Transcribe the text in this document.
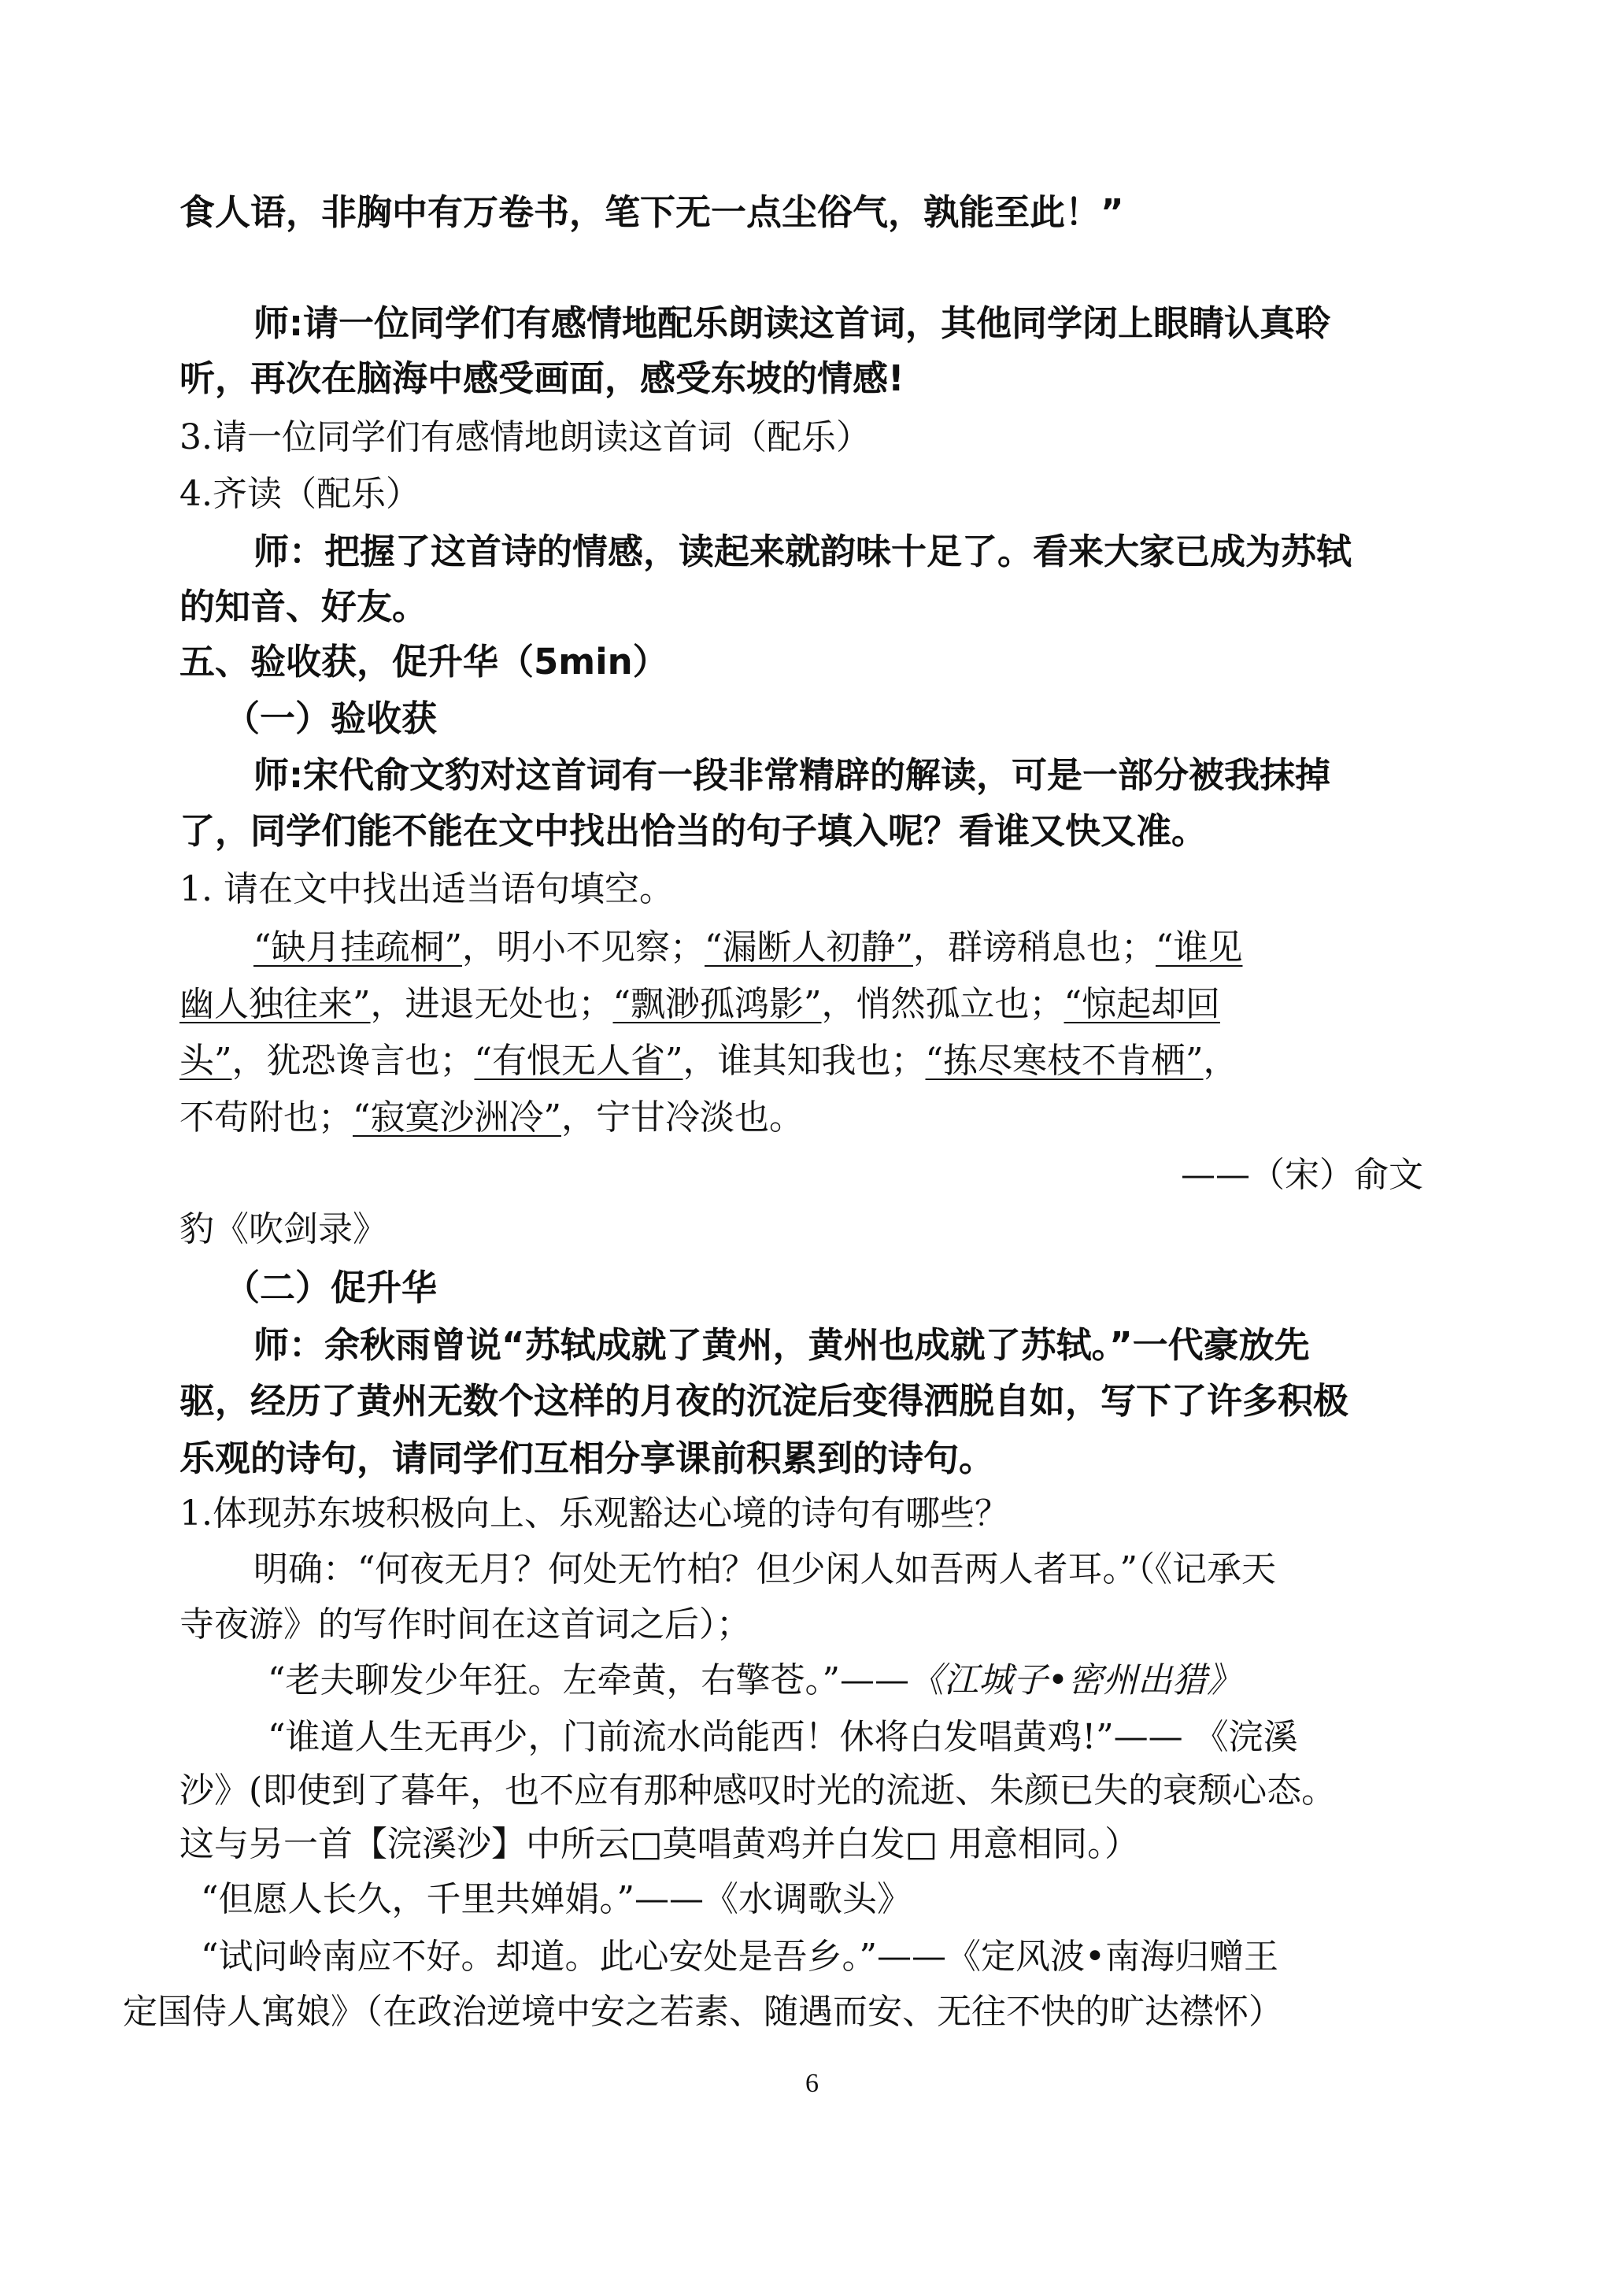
食人语，非胸中有万卷书，笔下无一点尘俗气，孰能至此！”
师:请一位同学们有感情地配乐朗读这首词，其他同学闭上眼睛认真聆
听，再次在脑海中感受画面，感受东坡的情感!
3.请一位同学们有感情地朗读这首词（配乐）
4.齐读（配乐）
师：把握了这首诗的情感，读起来就韵味十足了。看来大家已成为苏轼
的知音、好友。
五、验收获，促升华（5min）
（一）验收获
师:宋代俞文豹对这首词有一段非常精辟的解读，可是一部分被我抹掉
了，同学们能不能在文中找出恰当的句子填入呢？看谁又快又准。
1. 请在文中找出适当语句填空。
“缺月挂疏桐”，明小不见察；“漏断人初静”，群谤稍息也；“谁见
幽人独往来”，进退无处也；“飘渺孤鸿影”，悄然孤立也；“惊起却回
头”，犹恐谗言也；“有恨无人省”，谁其知我也；“拣尽寒枝不肯栖”，
不苟附也；“寂寞沙洲冷”，宁甘冷淡也。
——（宋）俞文
豹《吹剑录》
（二）促升华
师：余秋雨曾说“苏轼成就了黄州，黄州也成就了苏轼。”一代豪放先
驱，经历了黄州无数个这样的月夜的沉淀后变得洒脱自如，写下了许多积极
乐观的诗句，请同学们互相分享课前积累到的诗句。
1.体现苏东坡积极向上、乐观豁达心境的诗句有哪些？
明确：“何夜无月？何处无竹柏？但少闲人如吾两人者耳。”（《记承天
寺夜游》的写作时间在这首词之后）；
“老夫聊发少年狂。左牵黄，右擎苍。”——《江城子•密州出猎》
“谁道人生无再少，门前流水尚能西！休将白发唱黄鸡!”—— 《浣溪
沙》(即使到了暮年，也不应有那种感叹时光的流逝、朱颜已失的衰颓心态。
这与另一首【浣溪沙】中所云□莫唱黄鸡并白发□ 用意相同。）
“但愿人长久，千里共婵娟。”——《水调歌头》
“试问岭南应不好。却道。此心安处是吾乡。”——《定风波•南海归赠王
定国侍人寓娘》（在政治逆境中安之若素、随遇而安、无往不快的旷达襟怀）
6
